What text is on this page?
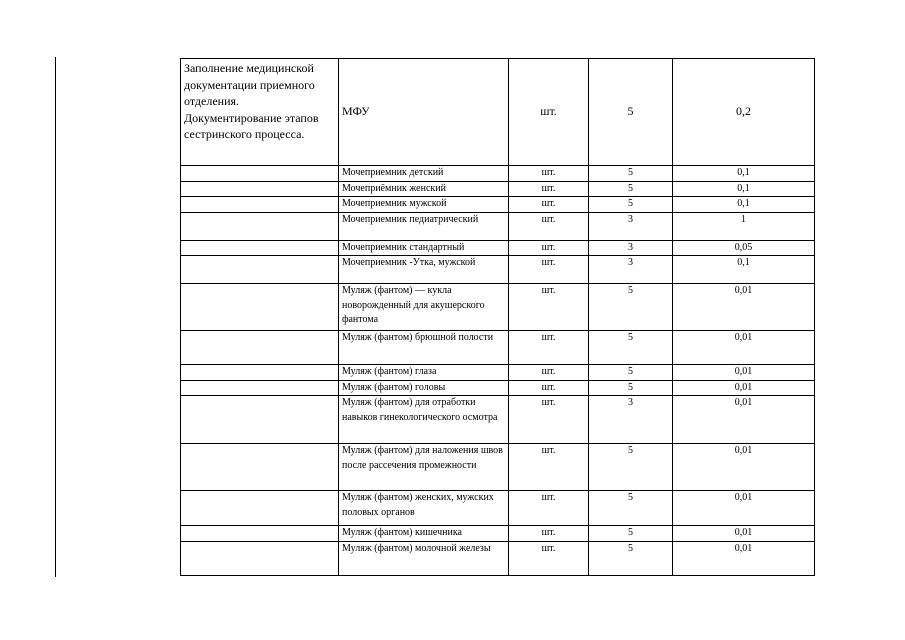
Заполнение медицинской документации приемного отделения. Документирование этапов сестринского процесса.	МФУ	шт.	5	0,2

	Мочеприемник детский	шт.	5	0,1
	Мочеприёмник женский	шт.	5	0,1
	Мочеприемник мужской	шт.	5	0,1
	Мочеприемник педиатрический	шт.	3	1
	Мочеприемник стандартный	шт.	3	0,05
	Мочеприемник -Утка, мужской	шт.	3	0,1
	Муляж (фантом) — кукла новорожденный для акушерского фантома	шт.	5	0,01
	Муляж (фантом) брюшной полости	шт.	5	0,01
	Муляж (фантом) глаза	шт.	5	0,01
	Муляж (фантом) головы	шт.	5	0,01
	Муляж (фантом) для отработки навыков гинекологического осмотра	шт.	3	0,01
	Муляж (фантом) для наложения швов после рассечения промежности	шт.	5	0,01
	Муляж (фантом) женских, мужских половых органов	шт.	5	0,01
	Муляж (фантом) кишечника	шт.	5	0,01
	Муляж (фантом) молочной железы	шт.	5	0,01
